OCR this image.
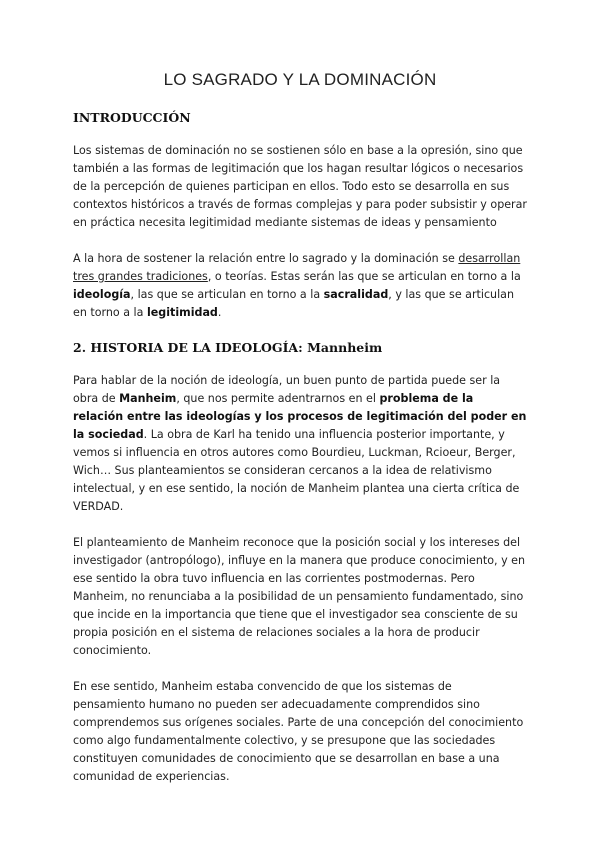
LO SAGRADO Y LA DOMINACIÓN
INTRODUCCIÓN

Los sistemas de dominación no se sostienen sólo en base a la opresión, sino que también a las formas de legitimación que los hagan resultar lógicos o necesarios de la percepción de quienes participan en ellos. Todo esto se desarrolla en sus contextos históricos a través de formas complejas y para poder subsistir y operar en práctica necesita legitimidad mediante sistemas de ideas y pensamiento

A la hora de sostener la relación entre lo sagrado y la dominación se desarrollan tres grandes tradiciones, o teorías. Estas serán las que se articulan en torno a la ideología, las que se articulan en torno a la sacralidad, y las que se articulan en torno a la legitimidad.

2. HISTORIA DE LA IDEOLOGÍA: Mannheim

Para hablar de la noción de ideología, un buen punto de partida puede ser la obra de Manheim, que nos permite adentrarnos en el problema de la relación entre las ideologías y los procesos de legitimación del poder en la sociedad. La obra de Karl ha tenido una influencia posterior importante, y vemos si influencia en otros autores como Bourdieu, Luckman, Rcioeur, Berger, Wich… Sus planteamientos se consideran cercanos a la idea de relativismo intelectual, y en ese sentido, la noción de Manheim plantea una cierta crítica de VERDAD.

El planteamiento de Manheim reconoce que la posición social y los intereses del investigador (antropólogo), influye en la manera que produce conocimiento, y en ese sentido la obra tuvo influencia en las corrientes postmodernas. Pero Manheim, no renunciaba a la posibilidad de un pensamiento fundamentado, sino que incide en la importancia que tiene que el investigador sea consciente de su propia posición en el sistema de relaciones sociales a la hora de producir conocimiento.

En ese sentido, Manheim estaba convencido de que los sistemas de pensamiento humano no pueden ser adecuadamente comprendidos sino comprendemos sus orígenes sociales. Parte de una concepción del conocimiento como algo fundamentalmente colectivo, y se presupone que las sociedades constituyen comunidades de conocimiento que se desarrollan en base a una comunidad de experiencias.
